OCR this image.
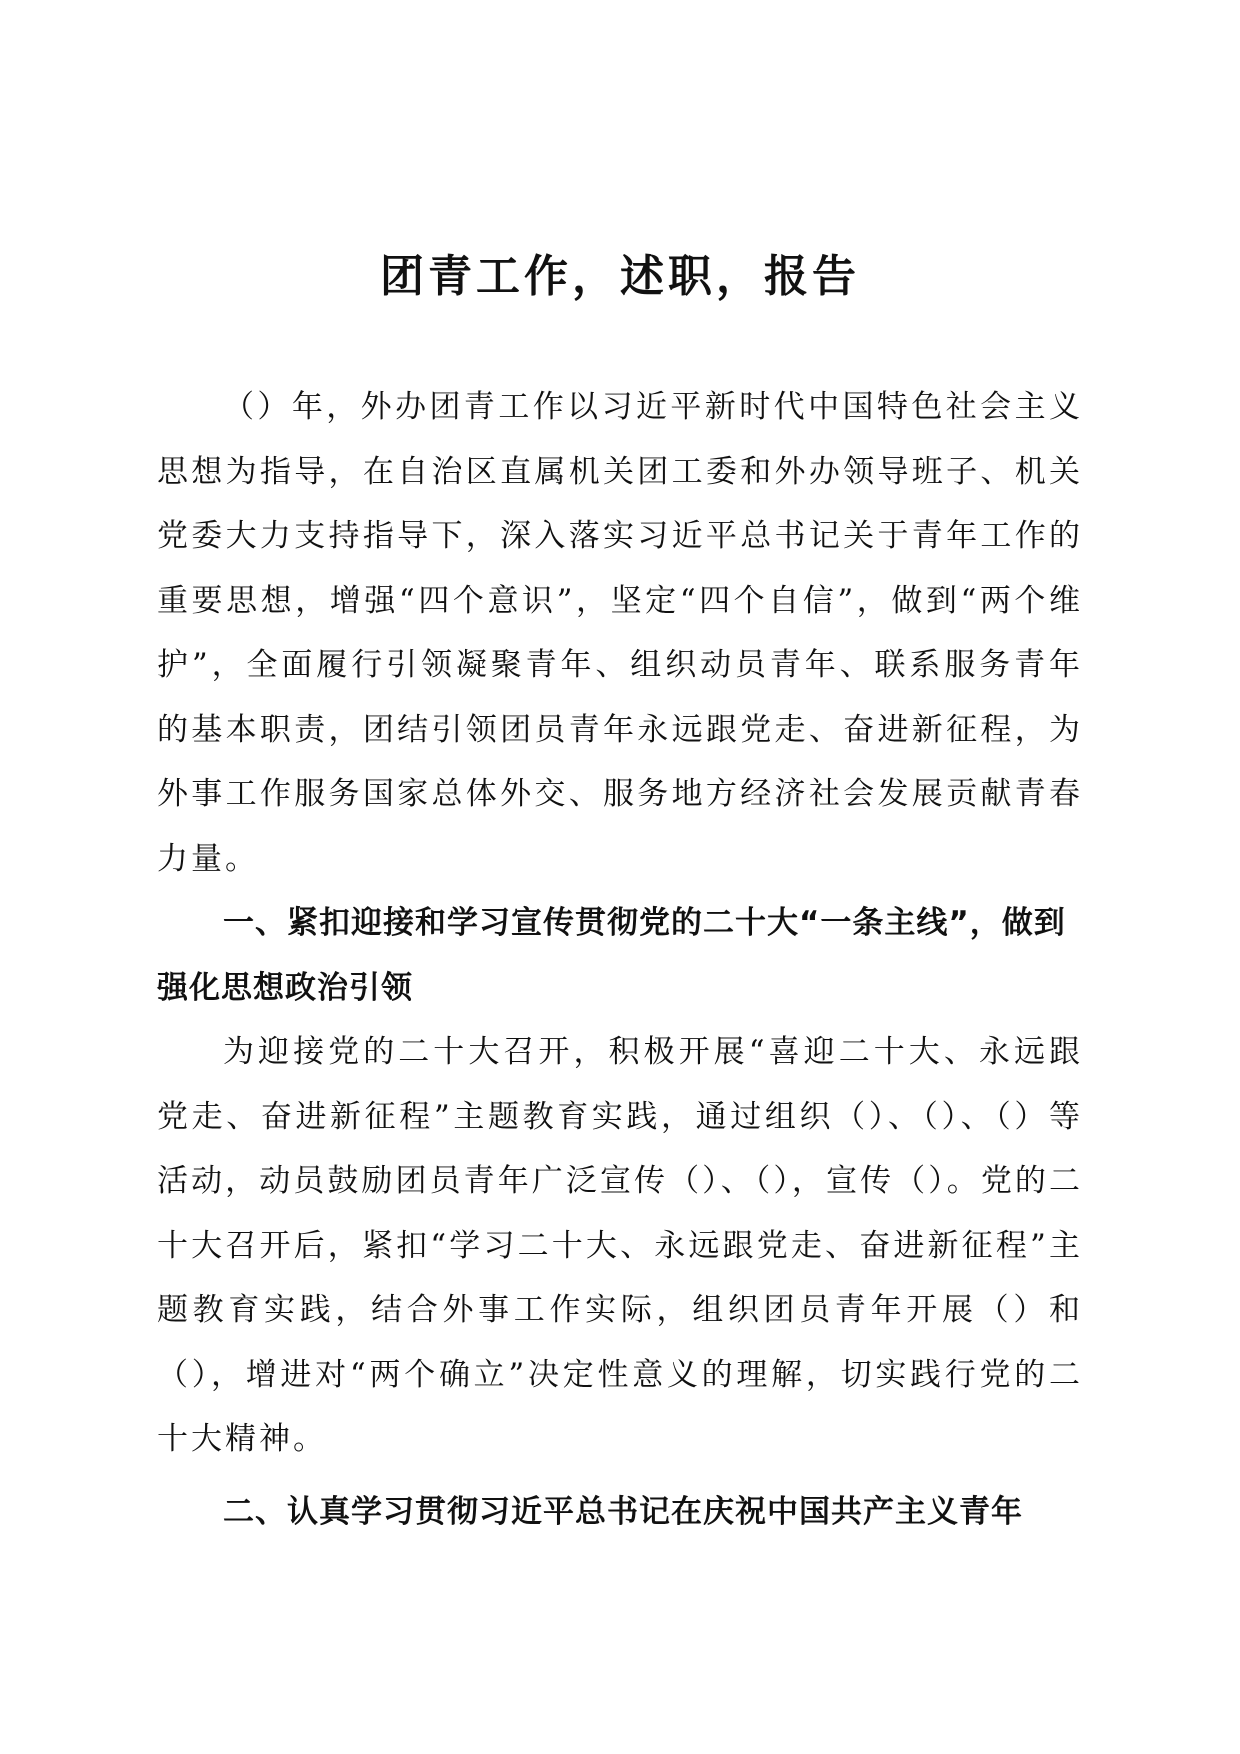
团青工作，述职，报告

（）年，外办团青工作以习近平新时代中国特色社会主义思想为指导，在自治区直属机关团工委和外办领导班子、机关党委大力支持指导下，深入落实习近平总书记关于青年工作的重要思想，增强“四个意识”，坚定“四个自信”，做到“两个维护”，全面履行引领凝聚青年、组织动员青年、联系服务青年的基本职责，团结引领团员青年永远跟党走、奋进新征程，为外事工作服务国家总体外交、服务地方经济社会发展贡献青春力量。

一、紧扣迎接和学习宣传贯彻党的二十大“一条主线”，做到强化思想政治引领

为迎接党的二十大召开，积极开展“喜迎二十大、永远跟党走、奋进新征程”主题教育实践，通过组织（）、（）、（）等活动，动员鼓励团员青年广泛宣传（）、（），宣传（）。党的二十大召开后，紧扣“学习二十大、永远跟党走、奋进新征程”主题教育实践，结合外事工作实际，组织团员青年开展（）和（），增进对“两个确立”决定性意义的理解，切实践行党的二十大精神。

二、认真学习贯彻习近平总书记在庆祝中国共产主义青年
